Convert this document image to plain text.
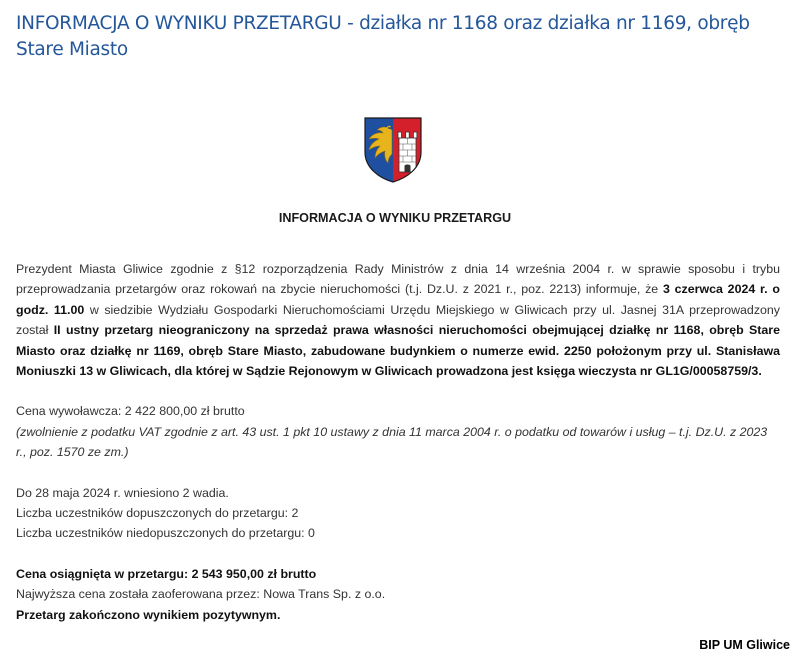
INFORMACJA O WYNIKU PRZETARGU - działka nr 1168 oraz działka nr 1169, obręb Stare Miasto
INFORMACJA O WYNIKU PRZETARGU

Prezydent Miasta Gliwice zgodnie z §12 rozporządzenia Rady Ministrów z dnia 14 września 2004 r. w sprawie sposobu i trybu przeprowadzania przetargów oraz rokowań na zbycie nieruchomości (t.j. Dz.U. z 2021 r., poz. 2213) informuje, że 3 czerwca 2024 r. o godz. 11.00 w siedzibie Wydziału Gospodarki Nieruchomościami Urzędu Miejskiego w Gliwicach przy ul. Jasnej 31A przeprowadzony został II ustny przetarg nieograniczony na sprzedaż prawa własności nieruchomości obejmującej działkę nr 1168, obręb Stare Miasto oraz działkę nr 1169, obręb Stare Miasto, zabudowane budynkiem o numerze ewid. 2250 położonym przy ul. Stanisława Moniuszki 13 w Gliwicach, dla której w Sądzie Rejonowym w Gliwicach prowadzona jest księga wieczysta nr GL1G/00058759/3.

Cena wywoławcza: 2 422 800,00 zł brutto

(zwolnienie z podatku VAT zgodnie z art. 43 ust. 1 pkt 10 ustawy z dnia 11 marca 2004 r. o podatku od towarów i usług – t.j. Dz.U. z 2023 r., poz. 1570 ze zm.)

Do 28 maja 2024 r. wniesiono 2 wadia.

Liczba uczestników dopuszczonych do przetargu: 2

Liczba uczestników niedopuszczonych do przetargu: 0

Cena osiągnięta w przetargu: 2 543 950,00 zł brutto

Najwyższa cena została zaoferowana przez: Nowa Trans Sp. z o.o.

Przetarg zakończono wynikiem pozytywnym.

BIP UM Gliwice
